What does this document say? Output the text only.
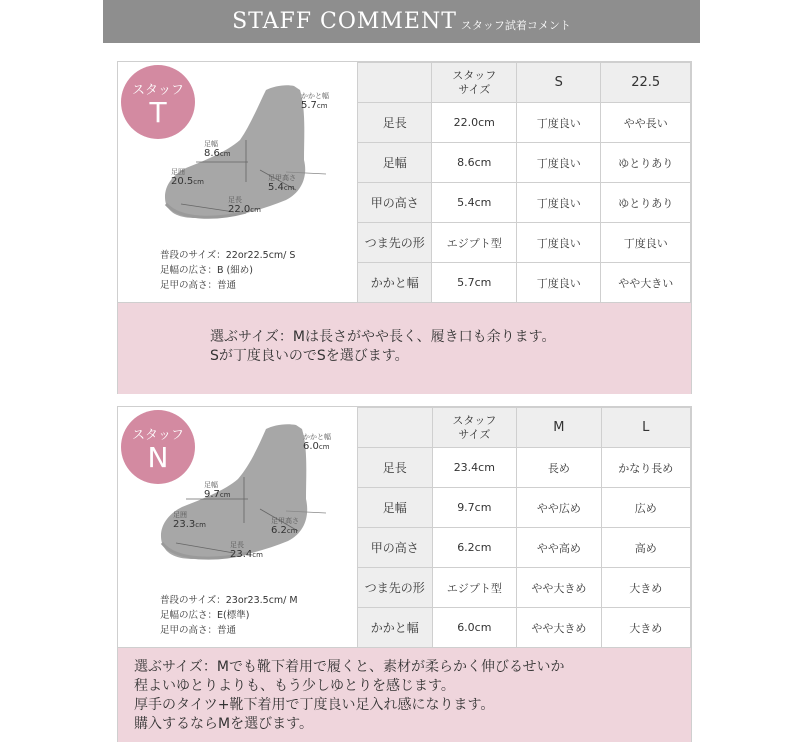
STAFF COMMENT スタッフ試着コメント
スタッフ
T	かかと幅
5.7cm
足幅
8.6cm
足囲
20.5cm	足甲高さ
5.4cm
足長
22.0cm
普段のサイズ：22or22.5cm/ S
足幅の広さ：B (細め)
足甲の高さ：普通
	スタッフ
サイズ	S	22.5
足長	22.0cm	丁度良い	やや長い
足幅	8.6cm	丁度良い	ゆとりあり
甲の高さ	5.4cm	丁度良い	ゆとりあり
つま先の形	エジプト型	丁度良い	丁度良い
かかと幅	5.7cm	丁度良い	やや大きい
選ぶサイズ：Mは長さがやや長く、履き口も余ります。
Sが丁度良いのでSを選びます。
スタッフ
N
かかと幅
6.0cm
足幅
9.7cm
足囲
23.3cm	足甲高さ
6.2cm
足長
23.4cm
普段のサイズ：23or23.5cm/ M
足幅の広さ：E(標準)
足甲の高さ：普通
	スタッフ
サイズ	M	L
足長	23.4cm	長め	かなり長め
足幅	9.7cm	やや広め	広め
甲の高さ	6.2cm	やや高め	高め
つま先の形	エジプト型	やや大きめ	大きめ
かかと幅	6.0cm	やや大きめ	大きめ
選ぶサイズ：Mでも靴下着用で履くと、素材が柔らかく伸びるせいか
程よいゆとりよりも、もう少しゆとりを感じます。
厚手のタイツ+靴下着用で丁度良い足入れ感になります。
購入するならMを選びます。
